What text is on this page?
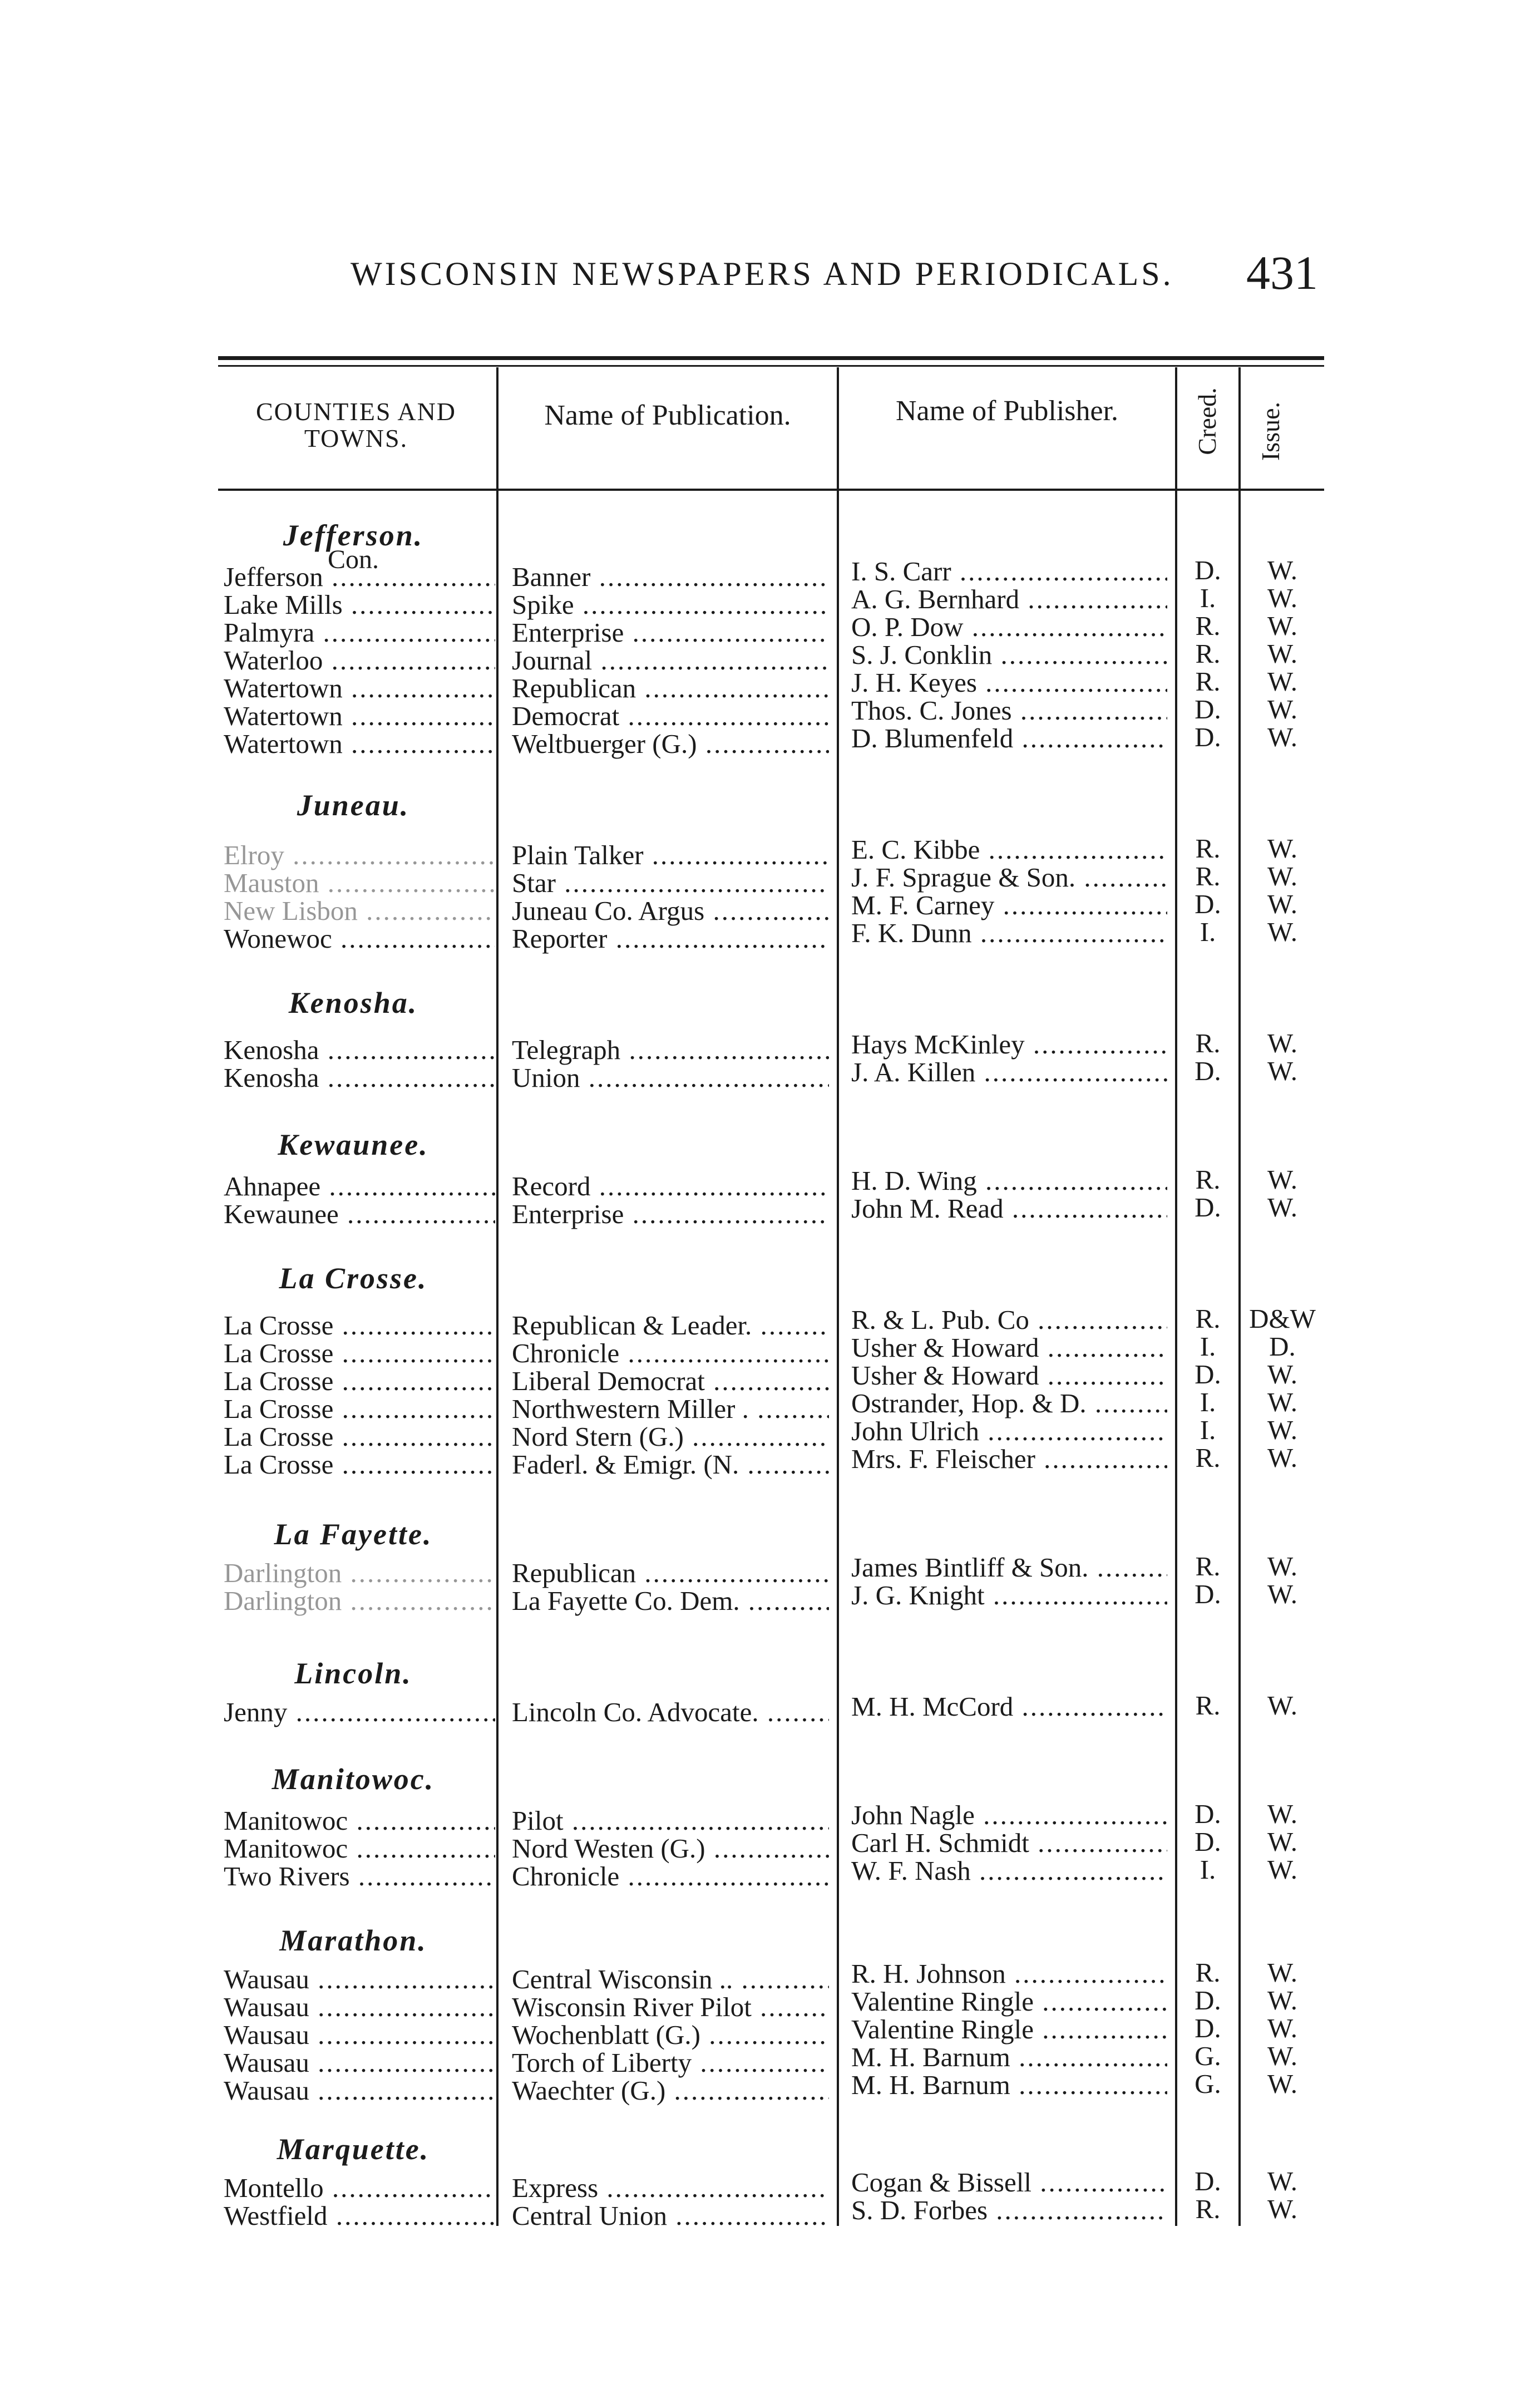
WISCONSIN NEWSPAPERS AND PERIODICALS.	431
COUNTIES AND TOWNS.
Name of Publication.	Name of Publisher.	Creed.	Issue.
Jefferson.
Con.
Jefferson .....	Banner .....	I. S. Carr .....	D.	W.
Lake Mills .....	Spike .....	A. G. Bernhard .....	I.	W.
Palmyra .....	Enterprise .....	O. P. Dow .....	R.	W.
Waterloo .....	Journal .....	S. J. Conklin .....	R.	W.
Watertown .....	Republican .....	J. H. Keyes .....	R.	W.
Watertown .....	Democrat .....	Thos. C. Jones .....	D.	W.
Watertown .....	Weltbuerger (G.) .....	D. Blumenfeld .....	D.	W.
Juneau.
Elroy .....	Plain Talker .....	E. C. Kibbe .....	R.	W.
Mauston .....	Star .....	J. F. Sprague & Son. .....	R.	W.
New Lisbon .....	Juneau Co. Argus .....	M. F. Carney .....	D.	W.
Wonewoc .....	Reporter .....	F. K. Dunn .....	I.	W.
Kenosha.
Kenosha .....	Telegraph .....	Hays McKinley .....	R.	W.
Kenosha .....	Union .....	J. A. Killen .....	D.	W.
Kewaunee.
Ahnapee .....	Record .....	H. D. Wing .....	R.	W.
Kewaunee .....	Enterprise .....	John M. Read .....	D.	W.
La Crosse.
La Crosse .....	Republican & Leader. .....	R. & L. Pub. Co .....	R.	D&W
La Crosse .....	Chronicle .....	Usher & Howard .....	I.	D.
La Crosse .....	Liberal Democrat .....	Usher & Howard .....	D.	W.
La Crosse .....	Northwestern Miller . .....	Ostrander, Hop. & D. .....	I.	W.
La Crosse .....	Nord Stern (G.) .....	John Ulrich .....	I.	W.
La Crosse .....	Faderl. & Emigr. (N. .....	Mrs. F. Fleischer .....	R.	W.
La Fayette.
Darlington .....	Republican .....	James Bintliff & Son. .....	R.	W.
Darlington .....	La Fayette Co. Dem. .....	J. G. Knight .....	D.	W.
Lincoln.
Jenny .....	Lincoln Co. Advocate. .....	M. H. McCord .....	R.	W.
Manitowoc.
Manitowoc .....	Pilot .....	John Nagle .....	D.	W.
Manitowoc .....	Nord Westen (G.) .....	Carl H. Schmidt .....	D.	W.
Two Rivers .....	Chronicle .....	W. F. Nash .....	I.	W.
Marathon.
Wausau .....	Central Wisconsin .. .....	R. H. Johnson .....	R.	W.
Wausau .....	Wisconsin River Pilot .....	Valentine Ringle .....	D.	W.
Wausau .....	Wochenblatt (G.) .....	Valentine Ringle .....	D.	W.
Wausau .....	Torch of Liberty .....	M. H. Barnum .....	G.	W.
Wausau .....	Waechter (G.) .....	M. H. Barnum .....	G.	W.
Marquette.
Montello .....	Express .....	Cogan & Bissell .....	D.	W.
Westfield .....	Central Union .....	S. D. Forbes .....	R.	W.
